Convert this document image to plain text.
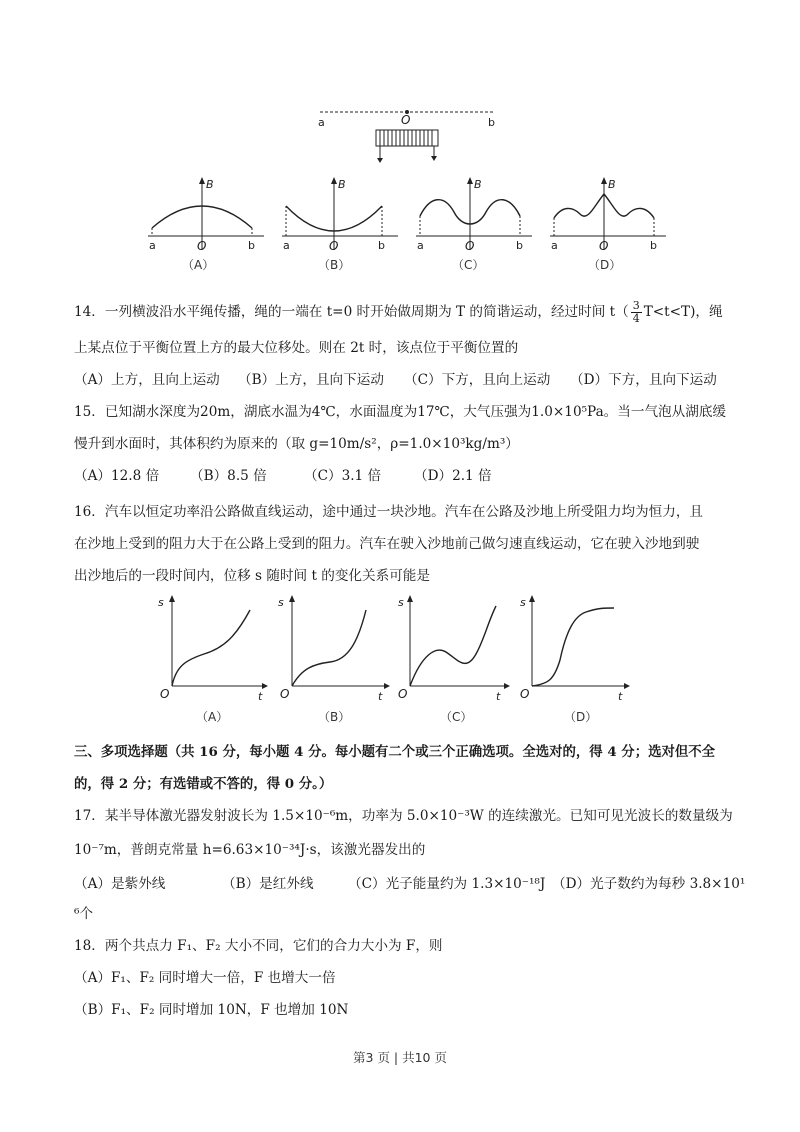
a	O	b
B
a	O	b
（A）
B
a	O	b
（B）
B
a	O	b
（C）
B
a	O	b
（D）
14．一列横波沿水平绳传播，绳的一端在 t=0 时开始做周期为 T 的简谐运动，经过时间 $t( \frac{3}{4} T<t<T)$，绳
上某点位于平衡位置上方的最大位移处。则在 2t 时，该点位于平衡位置的
（A）上方，且向上运动 （B）上方，且向下运动 （C）下方，且向上运动 （D）下方，且向下运动
15．已知湖水深度为20m，湖底水温为4℃，水面温度为17℃，大气压强为1.0×10⁵Pa。当一气泡从湖底缓
慢升到水面时，其体积约为原来的（取 g=10m/s²，ρ=1.0×10³kg/m³）
（A）12.8 倍 （B）8.5 倍	（C）3.1 倍 （D）2.1 倍
16．汽车以恒定功率沿公路做直线运动，途中通过一块沙地。汽车在公路及沙地上所受阻力均为恒力，且
在沙地上受到的阻力大于在公路上受到的阻力。汽车在驶入沙地前己做匀速直线运动，它在驶入沙地到驶
出沙地后的一段时间内，位移 s 随时间 t 的变化关系可能是
s
O	t
（A）
s
O	t
（B）
s
O	t
（C）
s
O	t
（D）
三、多项选择题（共 16 分，每小题 4 分。每小题有二个或三个正确选项。全选对的，得 4 分；选对但不全
的，得 2 分；有选错或不答的，得 0 分。）
17．某半导体激光器发射波长为 1.5×10⁻⁶m，功率为 5.0×10⁻³W 的连续激光。已知可见光波长的数量级为
10⁻⁷m，普朗克常量 h=6.63×10⁻³⁴J·s，该激光器发出的
（A）是紫外线	（B）是红外线	（C）光子能量约为 1.3×10⁻¹⁸J （D）光子数约为每秒 3.8×10¹
⁶个
18．两个共点力 F₁、F₂ 大小不同，它们的合力大小为 F，则
（A）F₁、F₂ 同时增大一倍，F 也增大一倍
（B）F₁、F₂ 同时增加 10N，F 也增加 10N
第3 页 | 共10 页
